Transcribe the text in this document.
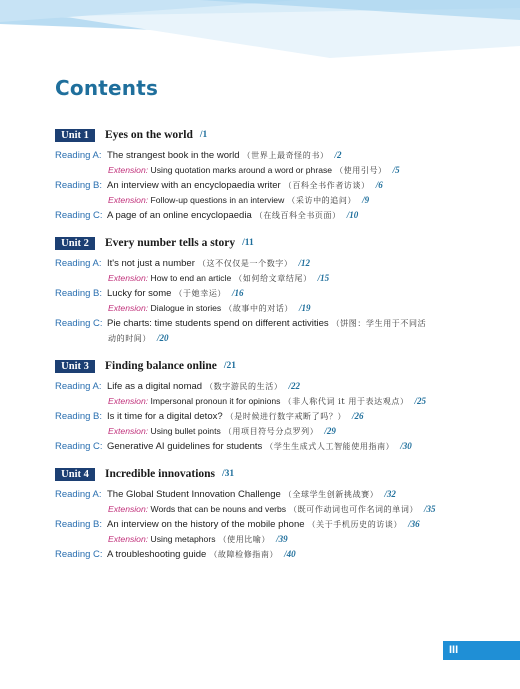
Contents
Unit 1 Eyes on the world /1
Reading A: The strangest book in the world （世界上最奇怪的书） /2
Extension: Using quotation marks around a word or phrase （使用引号） /5
Reading B: An interview with an encyclopaedia writer （百科全书作者访谈） /6
Extension: Follow-up questions in an interview （采访中的追问） /9
Reading C: A page of an online encyclopaedia （在线百科全书页面） /10
Unit 2 Every number tells a story /11
Reading A: It's not just a number （这不仅仅是一个数字） /12
Extension: How to end an article （如何给文章结尾） /15
Reading B: Lucky for some （于她幸运） /16
Extension: Dialogue in stories （故事中的对话） /19
Reading C: Pie charts: time students spend on different activities （饼图：学生用于不同活
动的时间） /20
Unit 3 Finding balance online /21
Reading A: Life as a digital nomad （数字游民的生活） /22
Extension: Impersonal pronoun it for opinions （非人称代词 it 用于表达观点） /25
Reading B: Is it time for a digital detox? （是时候进行数字戒断了吗？） /26
Extension: Using bullet points （用项目符号分点罗列） /29
Reading C: Generative AI guidelines for students （学生生成式人工智能使用指南） /30
Unit 4 Incredible innovations /31
Reading A: The Global Student Innovation Challenge （全球学生创新挑战赛） /32
Extension: Words that can be nouns and verbs （既可作动词也可作名词的单词） /35
Reading B: An interview on the history of the mobile phone （关于手机历史的访谈） /36
Extension: Using metaphors （使用比喻） /39
Reading C: A troubleshooting guide （故障检修指南） /40
III
